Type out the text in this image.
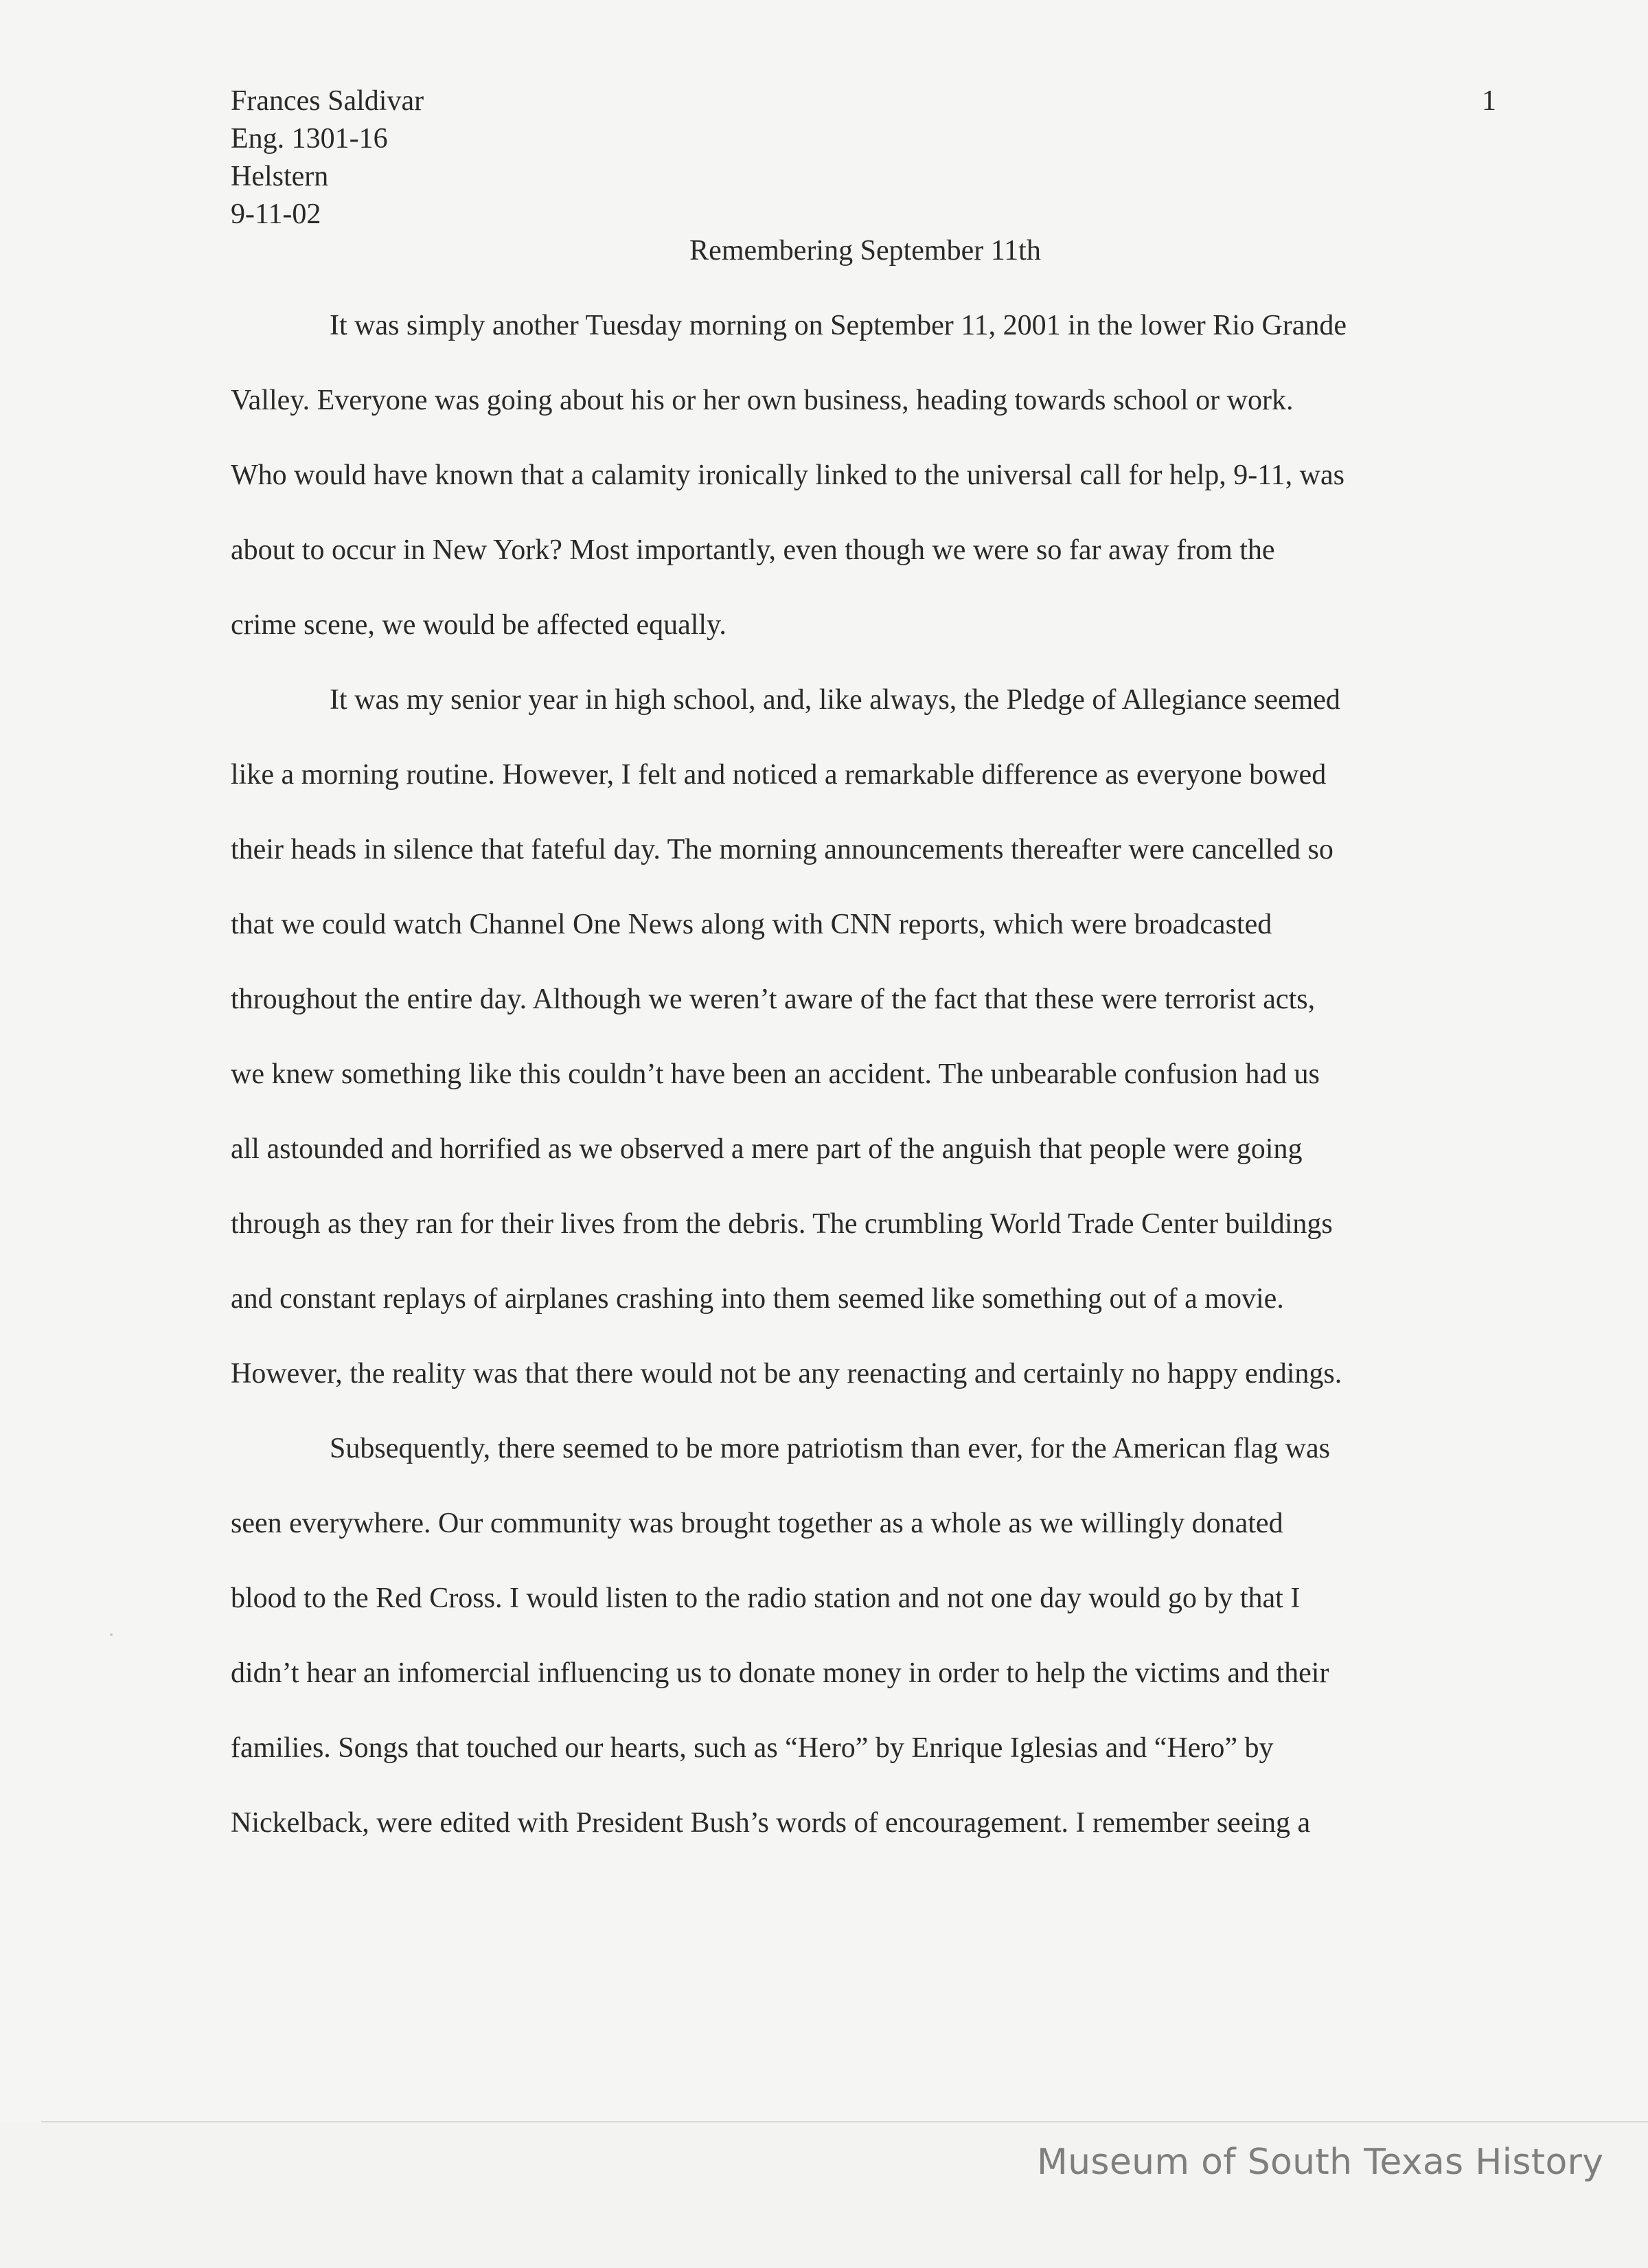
Frances Saldivar
Eng. 1301-16
Helstern
9-11-02
1
Remembering September 11th
It was simply another Tuesday morning on September 11, 2001 in the lower Rio Grande
Valley. Everyone was going about his or her own business, heading towards school or work.
Who would have known that a calamity ironically linked to the universal call for help, 9-11, was
about to occur in New York? Most importantly, even though we were so far away from the
crime scene, we would be affected equally.
It was my senior year in high school, and, like always, the Pledge of Allegiance seemed
like a morning routine. However, I felt and noticed a remarkable difference as everyone bowed
their heads in silence that fateful day. The morning announcements thereafter were cancelled so
that we could watch Channel One News along with CNN reports, which were broadcasted
throughout the entire day. Although we weren’t aware of the fact that these were terrorist acts,
we knew something like this couldn’t have been an accident. The unbearable confusion had us
all astounded and horrified as we observed a mere part of the anguish that people were going
through as they ran for their lives from the debris. The crumbling World Trade Center buildings
and constant replays of airplanes crashing into them seemed like something out of a movie.
However, the reality was that there would not be any reenacting and certainly no happy endings.
Subsequently, there seemed to be more patriotism than ever, for the American flag was
seen everywhere. Our community was brought together as a whole as we willingly donated
blood to the Red Cross. I would listen to the radio station and not one day would go by that I
didn’t hear an infomercial influencing us to donate money in order to help the victims and their
families. Songs that touched our hearts, such as “Hero” by Enrique Iglesias and “Hero” by
Nickelback, were edited with President Bush’s words of encouragement. I remember seeing a
Museum of South Texas History
